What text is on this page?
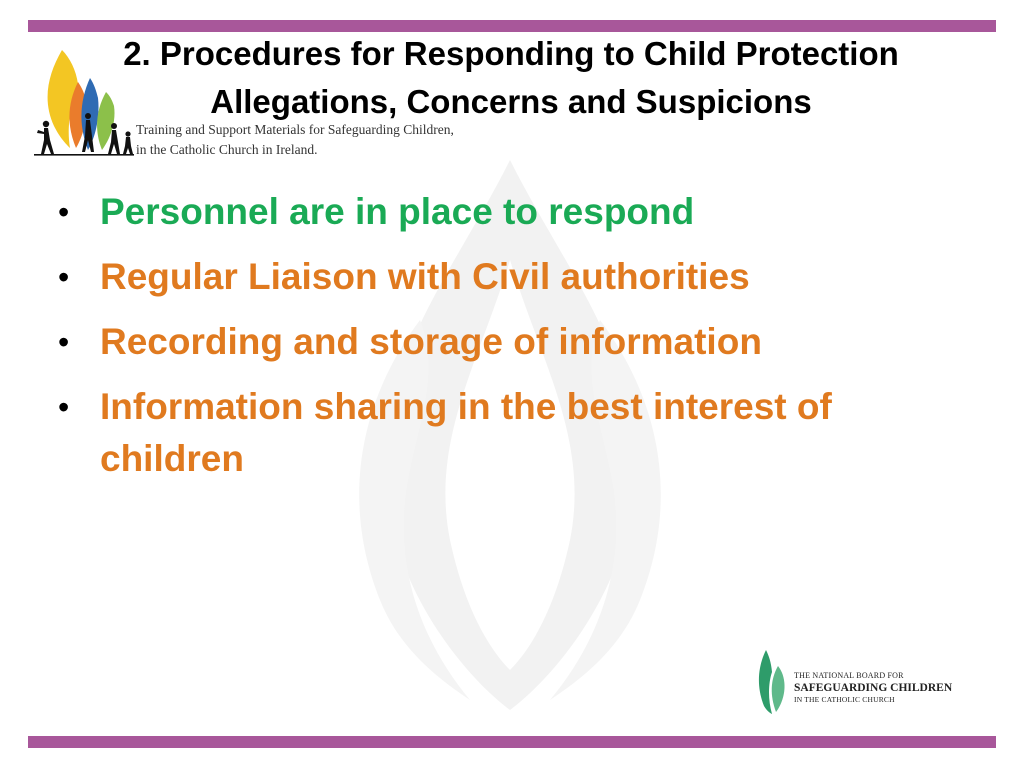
2. Procedures for Responding to Child Protection
Allegations, Concerns and Suspicions
Training and Support Materials for Safeguarding Children,
in the Catholic Church in Ireland.
• Personnel are in place to respond
• Regular Liaison with Civil authorities
• Recording and storage of information
• Information sharing in the best interest of children
THE NATIONAL BOARD FOR
SAFEGUARDING CHILDREN
IN THE CATHOLIC CHURCH
